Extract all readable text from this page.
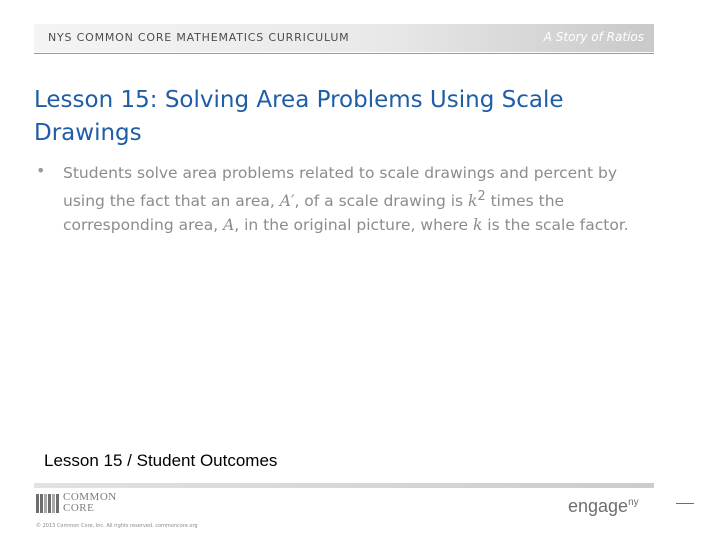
NYS COMMON CORE MATHEMATICS CURRICULUM	A Story of Ratios
Lesson 15: Solving Area Problems Using Scale
Drawings
• Students solve area problems related to scale drawings and percent by using the fact that an area, A′, of a scale drawing is $k^2$ times the corresponding area, A, in the original picture, where k is the scale factor.
Lesson 15 / Student Outcomes
COMMON
CORE
© 2013 Common Core, Inc. All rights reserved. commoncore.org
engage$^{ny}$
